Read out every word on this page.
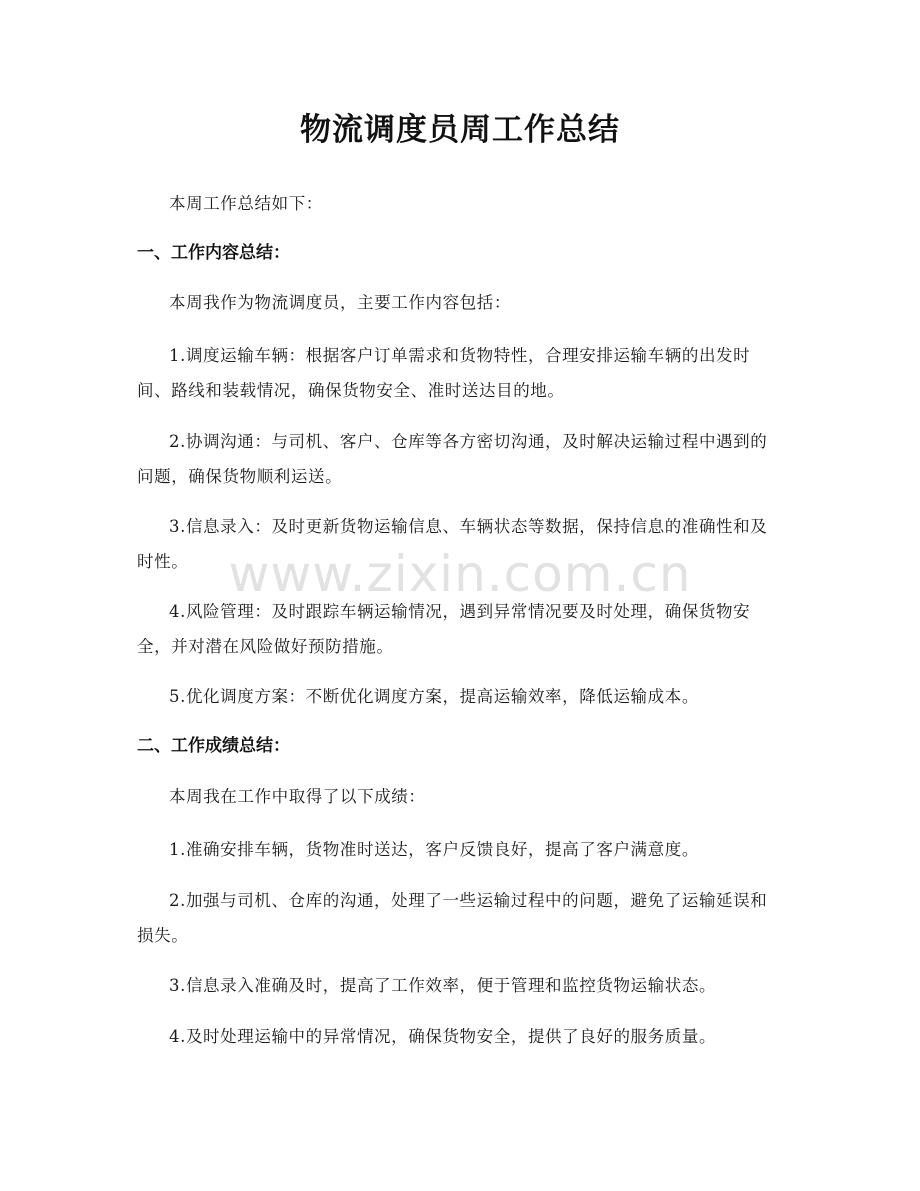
物流调度员周工作总结

本周工作总结如下：

一、工作内容总结：

本周我作为物流调度员，主要工作内容包括：

1.调度运输车辆：根据客户订单需求和货物特性，合理安排运输车辆的出发时间、路线和装载情况，确保货物安全、准时送达目的地。

2.协调沟通：与司机、客户、仓库等各方密切沟通，及时解决运输过程中遇到的问题，确保货物顺利运送。

3.信息录入：及时更新货物运输信息、车辆状态等数据，保持信息的准确性和及时性。

4.风险管理：及时跟踪车辆运输情况，遇到异常情况要及时处理，确保货物安全，并对潜在风险做好预防措施。

5.优化调度方案：不断优化调度方案，提高运输效率，降低运输成本。

二、工作成绩总结：

本周我在工作中取得了以下成绩：

1.准确安排车辆，货物准时送达，客户反馈良好，提高了客户满意度。

2.加强与司机、仓库的沟通，处理了一些运输过程中的问题，避免了运输延误和损失。

3.信息录入准确及时，提高了工作效率，便于管理和监控货物运输状态。

4.及时处理运输中的异常情况，确保货物安全，提供了良好的服务质量。

www.zixin.com.cn
